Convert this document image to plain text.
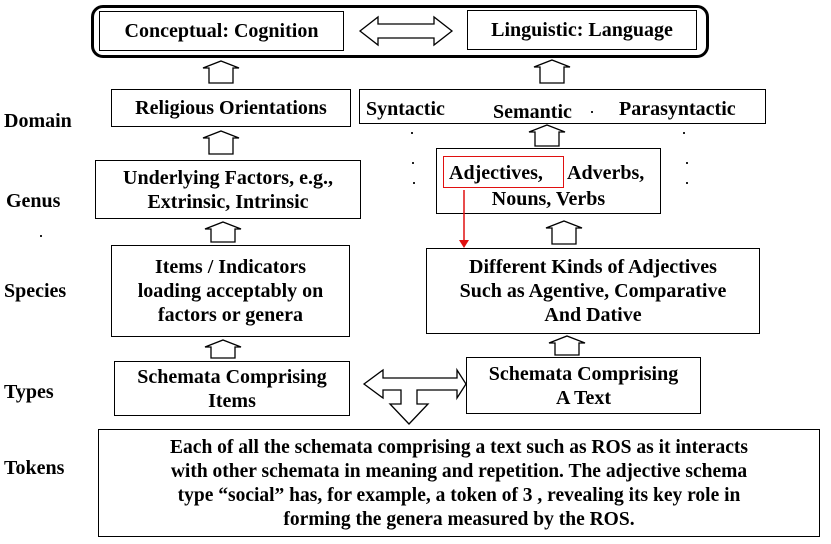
Domain
Genus
Species
Types
Tokens
Conceptual: Cognition	Linguistic: Language
Religious Orientations
Underlying Factors, e.g.,
Extrinsic, Intrinsic
Items / Indicators
loading acceptably on
factors or genera
Schemata Comprising
Items
Syntactic Semantic Parasyntactic
Adjectives, Adverbs,
Nouns, Verbs
Different Kinds of Adjectives
Such as Agentive, Comparative
And Dative
Schemata Comprising
A Text
Each of all the schemata comprising a text such as ROS as it interacts
with other schemata in meaning and repetition. The adjective schema
type “social” has, for example, a token of 3 , revealing its key role in
forming the genera measured by the ROS.
